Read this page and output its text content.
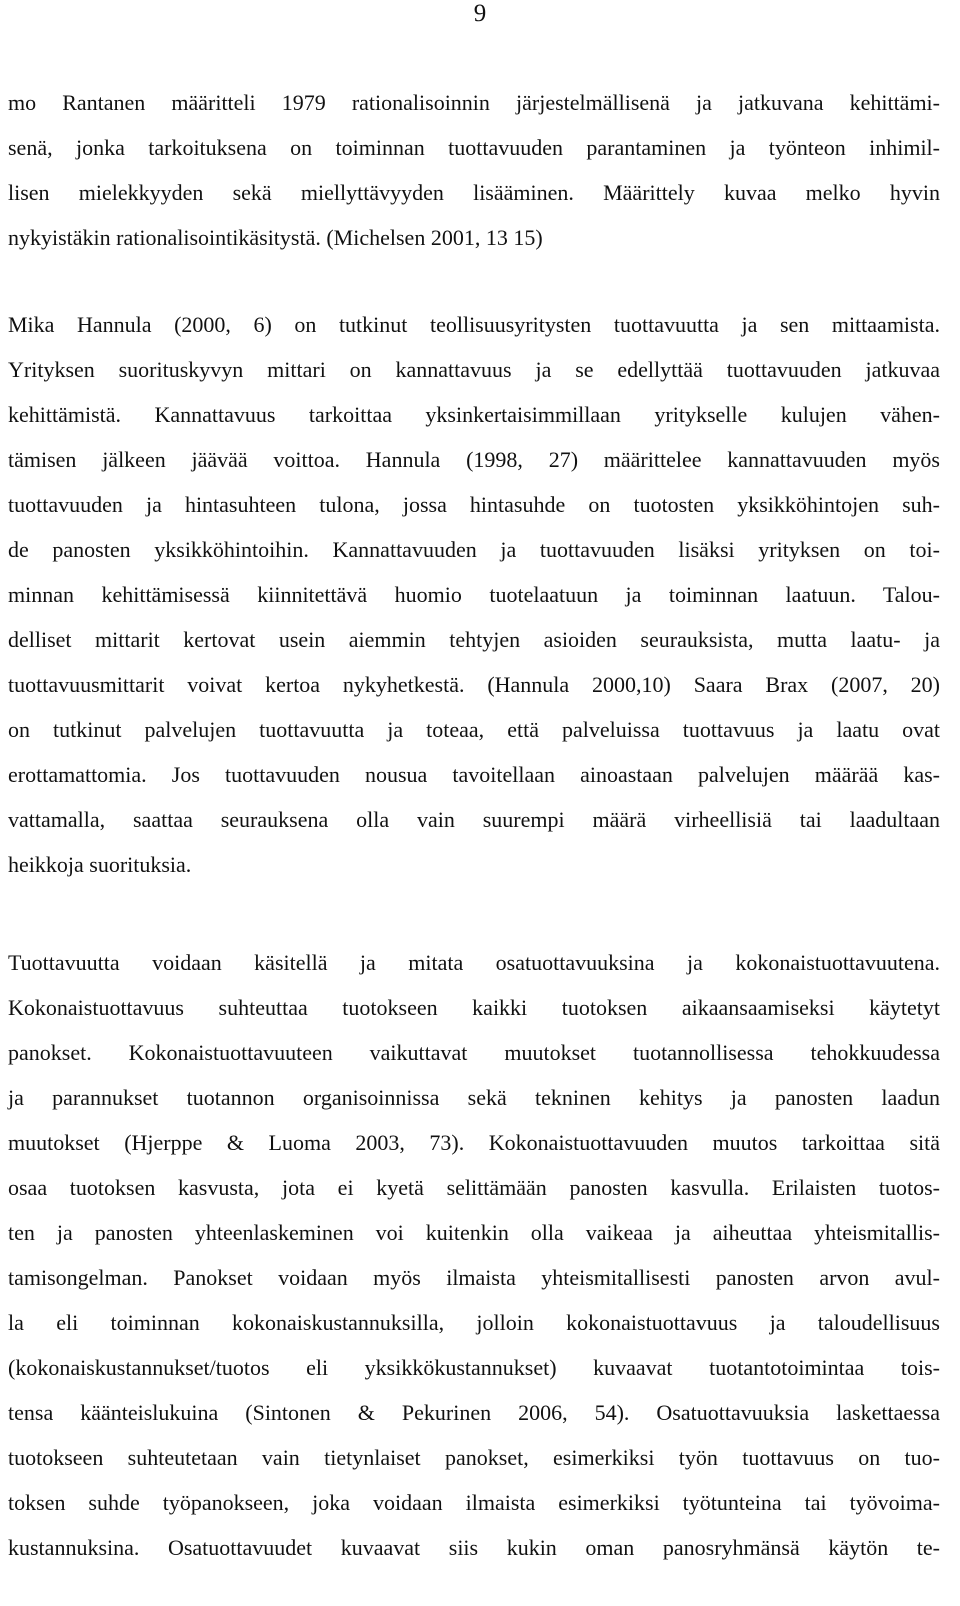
9
mo Rantanen määritteli 1979 rationalisoinnin järjestelmällisenä ja jatkuvana kehittämi-
senä, jonka tarkoituksena on toiminnan tuottavuuden parantaminen ja työnteon inhimil-
lisen mielekkyyden sekä miellyttävyyden lisääminen. Määrittely kuvaa melko hyvin
nykyistäkin rationalisointikäsitystä. (Michelsen 2001, 13 15)
Mika Hannula (2000, 6) on tutkinut teollisuusyritysten tuottavuutta ja sen mittaamista.
Yrityksen suorituskyvyn mittari on kannattavuus ja se edellyttää tuottavuuden jatkuvaa
kehittämistä. Kannattavuus tarkoittaa yksinkertaisimmillaan yritykselle kulujen vähen-
tämisen jälkeen jäävää voittoa. Hannula (1998, 27) määrittelee kannattavuuden myös
tuottavuuden ja hintasuhteen tulona, jossa hintasuhde on tuotosten yksikköhintojen suh-
de panosten yksikköhintoihin. Kannattavuuden ja tuottavuuden lisäksi yrityksen on toi-
minnan kehittämisessä kiinnitettävä huomio tuotelaatuun ja toiminnan laatuun. Talou-
delliset mittarit kertovat usein aiemmin tehtyjen asioiden seurauksista, mutta laatu- ja
tuottavuusmittarit voivat kertoa nykyhetkestä. (Hannula 2000,10) Saara Brax (2007, 20)
on tutkinut palvelujen tuottavuutta ja toteaa, että palveluissa tuottavuus ja laatu ovat
erottamattomia. Jos tuottavuuden nousua tavoitellaan ainoastaan palvelujen määrää kas-
vattamalla, saattaa seurauksena olla vain suurempi määrä virheellisiä tai laadultaan
heikkoja suorituksia.
Tuottavuutta voidaan käsitellä ja mitata osatuottavuuksina ja kokonaistuottavuutena.
Kokonaistuottavuus suhteuttaa tuotokseen kaikki tuotoksen aikaansaamiseksi käytetyt
panokset. Kokonaistuottavuuteen vaikuttavat muutokset tuotannollisessa tehokkuudessa
ja parannukset tuotannon organisoinnissa sekä tekninen kehitys ja panosten laadun
muutokset (Hjerppe & Luoma 2003, 73). Kokonaistuottavuuden muutos tarkoittaa sitä
osaa tuotoksen kasvusta, jota ei kyetä selittämään panosten kasvulla. Erilaisten tuotos-
ten ja panosten yhteenlaskeminen voi kuitenkin olla vaikeaa ja aiheuttaa yhteismitallis-
tamisongelman. Panokset voidaan myös ilmaista yhteismitallisesti panosten arvon avul-
la eli toiminnan kokonaiskustannuksilla, jolloin kokonaistuottavuus ja taloudellisuus
(kokonaiskustannukset/tuotos eli yksikkökustannukset) kuvaavat tuotantotoimintaa tois-
tensa käänteislukuina (Sintonen & Pekurinen 2006, 54). Osatuottavuuksia laskettaessa
tuotokseen suhteutetaan vain tietynlaiset panokset, esimerkiksi työn tuottavuus on tuo-
toksen suhde työpanokseen, joka voidaan ilmaista esimerkiksi työtunteina tai työvoima-
kustannuksina. Osatuottavuudet kuvaavat siis kukin oman panosryhmänsä käytön te-
